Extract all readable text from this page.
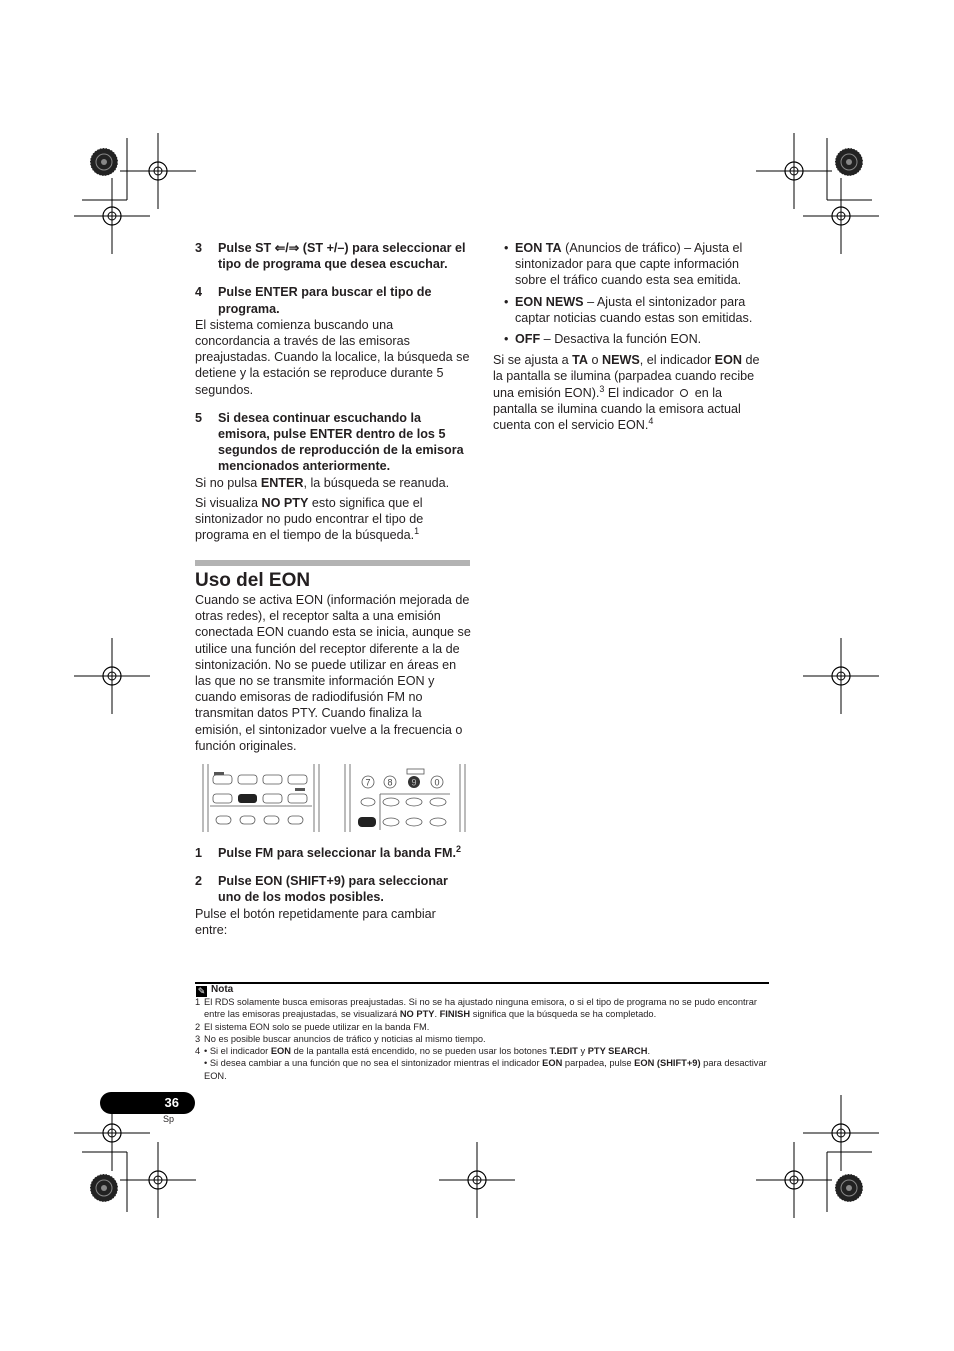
3	Pulse ST ⇐/⇒ (ST +/–) para seleccionar el tipo de programa que desea escuchar.

4	Pulse ENTER para buscar el tipo de programa.

El sistema comienza buscando una concordancia a través de las emisoras preajustadas. Cuando la localice, la búsqueda se detiene y la estación se reproduce durante 5 segundos.

5	Si desea continuar escuchando la emisora, pulse ENTER dentro de los 5 segundos de reproducción de la emisora mencionados anteriormente.

Si no pulsa ENTER, la búsqueda se reanuda.

Si visualiza NO PTY esto significa que el sintonizador no pudo encontrar el tipo de programa en el tiempo de la búsqueda.$^1$

Uso del EON

Cuando se activa EON (información mejorada de otras redes), el receptor salta a una emisión conectada EON cuando esta se inicia, aunque se utilice una función del receptor diferente a la de sintonización. No se puede utilizar en áreas en las que no se transmite información EON y cuando emisoras de radiodifusión FM no transmitan datos PTY. Cuando finaliza la emisión, el sintonizador vuelve a la frecuencia o función originales.

7 8 9 0

1	Pulse FM para seleccionar la banda FM.$^2$

2	Pulse EON (SHIFT+9) para seleccionar uno de los modos posibles.

Pulse el botón repetidamente para cambiar entre:

• EON TA (Anuncios de tráfico) – Ajusta el sintonizador para que capte información sobre el tráfico cuando esta sea emitida.
• EON NEWS – Ajusta el sintonizador para captar noticias cuando estas son emitidas.
• OFF – Desactiva la función EON.

Si se ajusta a TA o NEWS, el indicador EON de la pantalla se ilumina (parpadea cuando recibe una emisión EON).$^3$ El indicador  en la pantalla se ilumina cuando la emisora actual cuenta con el servicio EON.$^4$

✎ Nota
1 El RDS solamente busca emisoras preajustadas. Si no se ha ajustado ninguna emisora, o si el tipo de programa no se pudo encontrar entre las emisoras preajustadas, se visualizará NO PTY. FINISH significa que la búsqueda se ha completado.
2 El sistema EON solo se puede utilizar en la banda FM.
3 No es posible buscar anuncios de tráfico y noticias al mismo tiempo.
4 • Si el indicador EON de la pantalla está encendido, no se pueden usar los botones T.EDIT y PTY SEARCH.
• Si desea cambiar a una función que no sea el sintonizador mientras el indicador EON parpadea, pulse EON (SHIFT+9) para desactivar EON.
36
Sp
